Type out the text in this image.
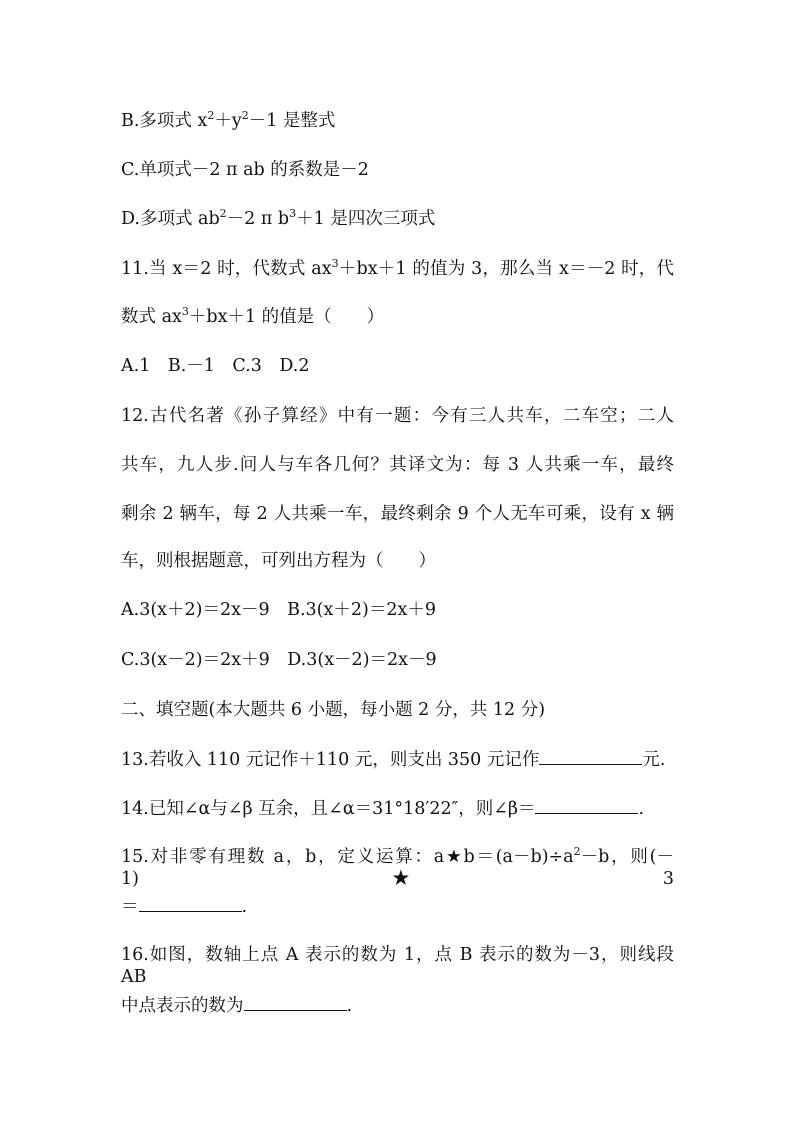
B.多项式 $x^2+y^2-1$ 是整式
C.单项式－2 π ab 的系数是－2
D.多项式 $ab^2-2$ π $b^3+1$ 是四次三项式
11.当 x＝2 时，代数式 $ax^3+bx+1$ 的值为 3，那么当 x＝－2 时，代
数式 $ax^3+bx+1$ 的值是（　　）
A.1　B.－1　C.3　D.2
12.古代名著《孙子算经》中有一题：今有三人共车，二车空；二人
共车，九人步.问人与车各几何？其译文为：每 3 人共乘一车，最终
剩余 2 辆车，每 2 人共乘一车，最终剩余 9 个人无车可乘，设有 x 辆
车，则根据题意，可列出方程为（　　）
A.3(x＋2)＝2x－9　B.3(x＋2)＝2x＋9
C.3(x－2)＝2x＋9　D.3(x－2)＝2x－9
二、填空题(本大题共 6 小题，每小题 2 分，共 12 分)
13.若收入 110 元记作＋110 元，则支出 350 元记作	元.
14.已知∠α与∠β 互余，且∠α＝31°18′22″，则∠β＝	.
15.对非零有理数 a，b，定义运算：$a★b=(a-b)\div a^2-b$，则(－1)★3
＝	.
16.如图，数轴上点 A 表示的数为 1，点 B 表示的数为－3，则线段 AB
中点表示的数为	.
